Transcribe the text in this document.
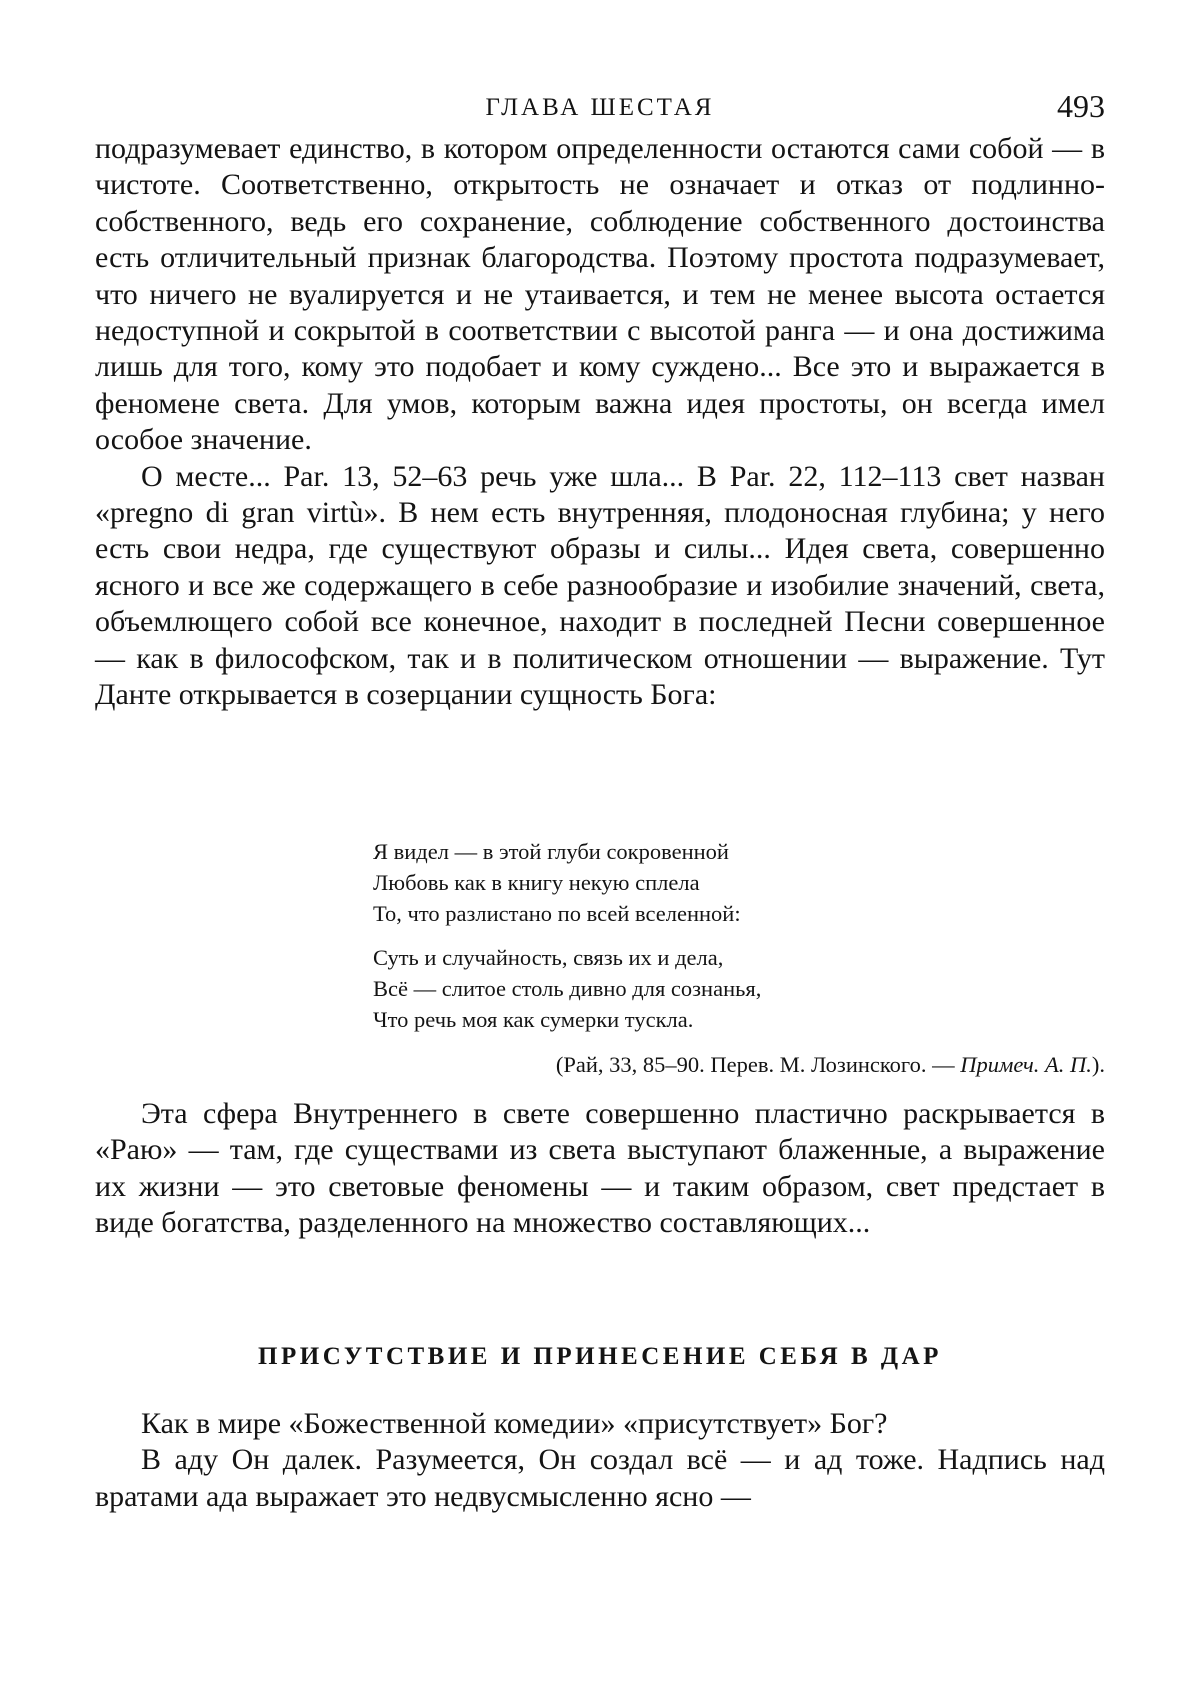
ГЛАВА ШЕСТАЯ	493

подразумевает единство, в котором определенности остаются сами собой — в чистоте. Соответственно, открытость не означает и отказ от подлинно-собственного, ведь его сохранение, соблюдение собственного достоинства есть отличительный признак благородства. Поэтому простота подразумевает, что ничего не вуалируется и не утаивается, и тем не менее высота остается недоступной и сокрытой в соответствии с высотой ранга — и она достижима лишь для того, кому это подобает и кому суждено... Все это и выражается в феномене света. Для умов, которым важна идея простоты, он всегда имел особое значение.

О месте... Par. 13, 52–63 речь уже шла... В Par. 22, 112–113 свет назван «pregno di gran virtù». В нем есть внутренняя, плодоносная глубина; у него есть свои недра, где существуют образы и силы... Идея света, совершенно ясного и все же содержащего в себе разнообразие и изобилие значений, света, объемлющего собой все конечное, находит в последней Песни совершенное — как в философском, так и в политическом отношении — выражение. Тут Данте открывается в созерцании сущность Бога:

Я видел — в этой глуби сокровенной
Любовь как в книгу некую сплела
То, что разлистано по всей вселенной:
Суть и случайность, связь их и дела,
Всё — слитое столь дивно для сознанья,
Что речь моя как сумерки тускла.
(Рай, 33, 85–90. Перев. М. Лозинского. — Примеч. А. П.).

Эта сфера Внутреннего в свете совершенно пластично раскрывается в «Раю» — там, где существами из света выступают блаженные, а выражение их жизни — это световые феномены — и таким образом, свет предстает в виде богатства, разделенного на множество составляющих...

ПРИСУТСТВИЕ И ПРИНЕСЕНИЕ СЕБЯ В ДАР

Как в мире «Божественной комедии» «присутствует» Бог?

В аду Он далек. Разумеется, Он создал всё — и ад тоже. Надпись над вратами ада выражает это недвусмысленно ясно —
